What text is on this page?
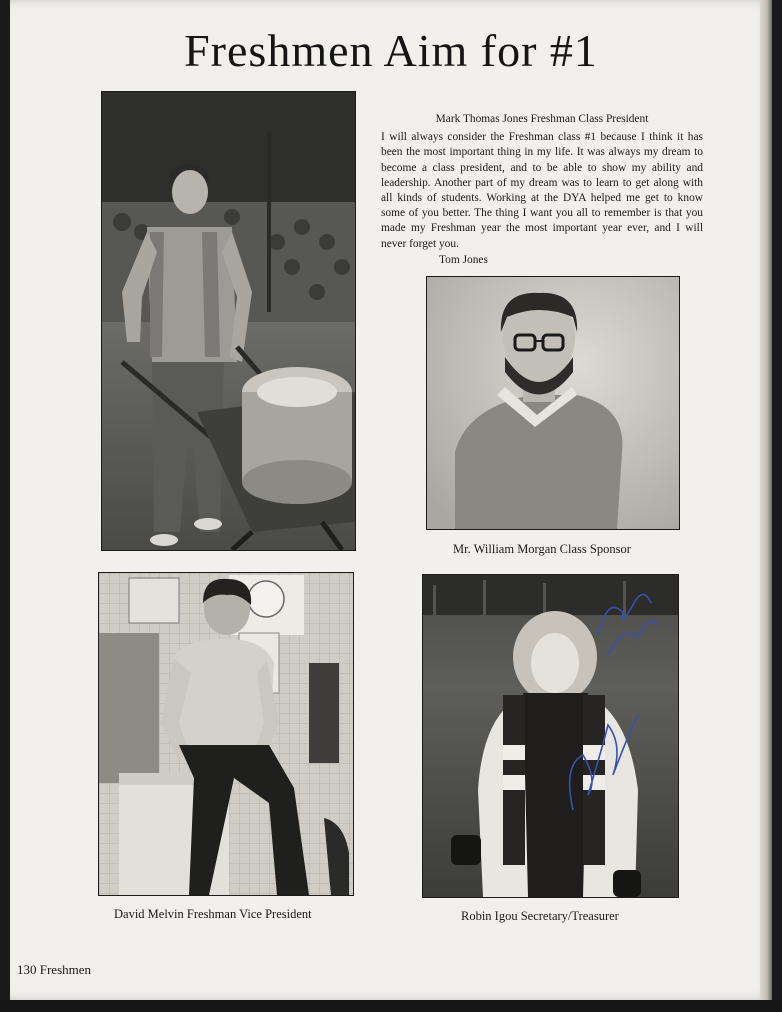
Freshmen Aim for #1
Mark Thomas Jones Freshman Class President
I will always consider the Freshman class #1 because I think it has been the most important thing in my life. It was always my dream to become a class president, and to be able to show my ability and leadership. Another part of my dream was to learn to get along with all kinds of students. Working at the DYA helped me get to know some of you better. The thing I want you all to remember is that you made my Freshman year the most important year ever, and I will never forget you.
Tom Jones
Mr. William Morgan Class Sponsor
David Melvin Freshman Vice President	Robin Igou Secretary/Treasurer
130 Freshmen
